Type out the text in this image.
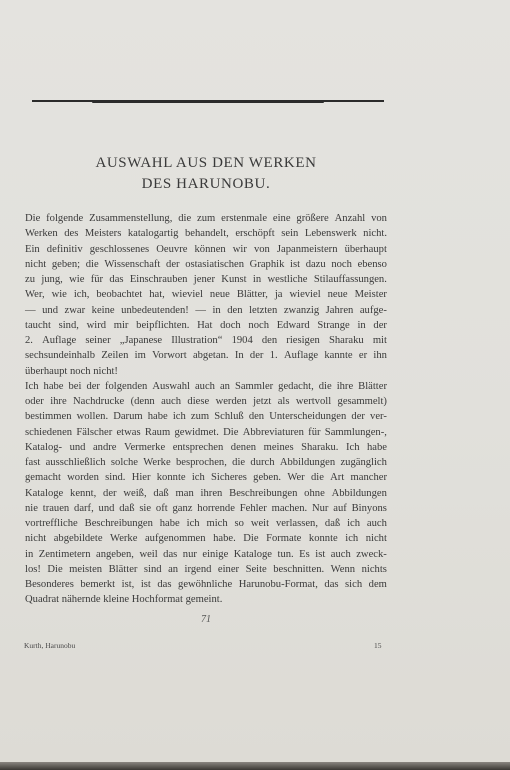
AUSWAHL AUS DEN WERKEN
DES HARUNOBU.
Die folgende Zusammenstellung, die zum erstenmale eine größere Anzahl von
Werken des Meisters katalogartig behandelt, erschöpft sein Lebenswerk nicht.
Ein definitiv geschlossenes Oeuvre können wir von Japanmeistern überhaupt
nicht geben; die Wissenschaft der ostasiatischen Graphik ist dazu noch ebenso
zu jung, wie für das Einschrauben jener Kunst in westliche Stilauffassungen.
Wer, wie ich, beobachtet hat, wieviel neue Blätter, ja wieviel neue Meister
— und zwar keine unbedeutenden! — in den letzten zwanzig Jahren aufge-
taucht sind, wird mir beipflichten. Hat doch noch Edward Strange in der
2. Auflage seiner „Japanese Illustration“ 1904 den riesigen Sharaku mit
sechsundeinhalb Zeilen im Vorwort abgetan. In der 1. Auflage kannte er ihn
überhaupt noch nicht!
Ich habe bei der folgenden Auswahl auch an Sammler gedacht, die ihre Blätter
oder ihre Nachdrucke (denn auch diese werden jetzt als wertvoll gesammelt)
bestimmen wollen. Darum habe ich zum Schluß den Unterscheidungen der ver-
schiedenen Fälscher etwas Raum gewidmet. Die Abbreviaturen für Sammlungen-,
Katalog- und andre Vermerke entsprechen denen meines Sharaku. Ich habe
fast ausschließlich solche Werke besprochen, die durch Abbildungen zugänglich
gemacht worden sind. Hier konnte ich Sicheres geben. Wer die Art mancher
Kataloge kennt, der weiß, daß man ihren Beschreibungen ohne Abbildungen
nie trauen darf, und daß sie oft ganz horrende Fehler machen. Nur auf Binyons
vortreffliche Beschreibungen habe ich mich so weit verlassen, daß ich auch
nicht abgebildete Werke aufgenommen habe. Die Formate konnte ich nicht
in Zentimetern angeben, weil das nur einige Kataloge tun. Es ist auch zweck-
los! Die meisten Blätter sind an irgend einer Seite beschnitten. Wenn nichts
Besonderes bemerkt ist, ist das gewöhnliche Harunobu-Format, das sich dem
Quadrat nähernde kleine Hochformat gemeint.
71
Kurth, Harunobu	15
